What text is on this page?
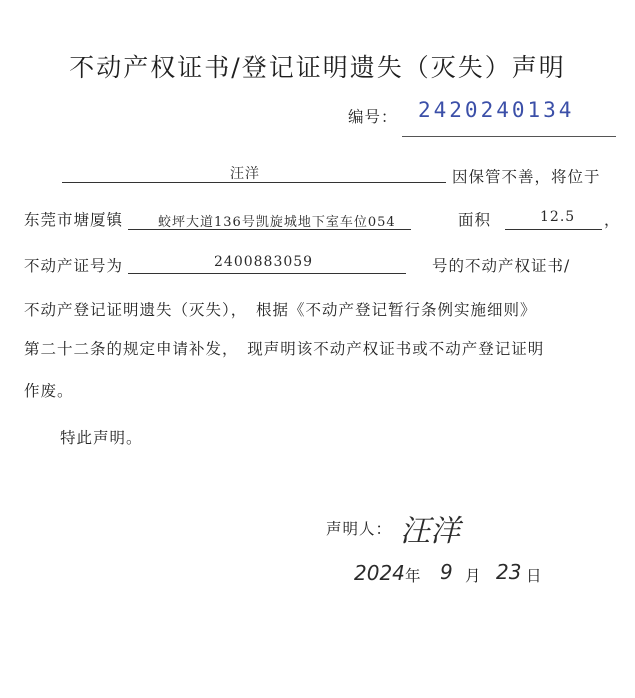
不动产权证书/登记证明遗失（灭失）声明
编号： 2420240134
汪洋	因保管不善，将位于
东莞市塘厦镇	蛟坪大道136号凯旋城地下室车位054	面积	12.5 ，
不动产证号为	2400883059	号的不动产权证书/
不动产登记证明遗失（灭失），　根据《不动产登记暂行条例实施细则》
第二十二条的规定申请补发，　现声明该不动产权证书或不动产登记证明
作废。
特此声明。
声明人： 汪洋
2024 年 9 月 23 日
